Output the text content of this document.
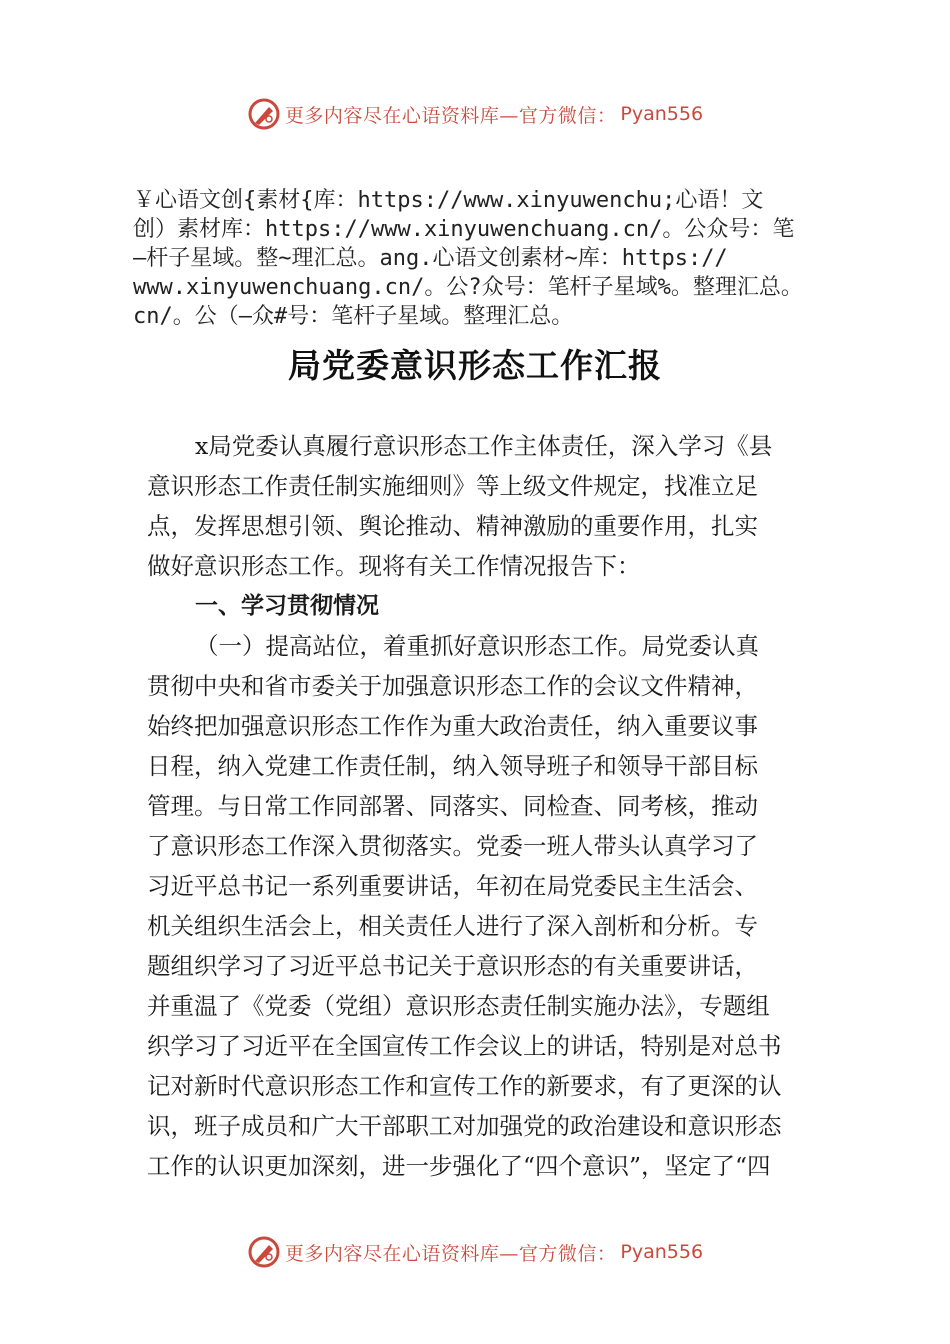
更多内容尽在心语资料库—官方微信： Pyan556
￥心语文创{素材{库：https://www.xinyuwenchu;心语！文
创）素材库：https://www.xinyuwenchuang.cn/。公众号：笔
—杆子星域。整~理汇总。ang.心语文创素材~库：https://
www.xinyuwenchuang.cn/。公?众号：笔杆子星域%。整理汇总。
cn/。公（—众#号：笔杆子星域。整理汇总。
局党委意识形态工作汇报
x局党委认真履行意识形态工作主体责任，深入学习《县
意识形态工作责任制实施细则》等上级文件规定，找准立足
点，发挥思想引领、舆论推动、精神激励的重要作用，扎实
做好意识形态工作。现将有关工作情况报告下：
一、学习贯彻情况
（一）提高站位，着重抓好意识形态工作。局党委认真
贯彻中央和省市委关于加强意识形态工作的会议文件精神，
始终把加强意识形态工作作为重大政治责任，纳入重要议事
日程，纳入党建工作责任制，纳入领导班子和领导干部目标
管理。与日常工作同部署、同落实、同检查、同考核，推动
了意识形态工作深入贯彻落实。党委一班人带头认真学习了
习近平总书记一系列重要讲话，年初在局党委民主生活会、
机关组织生活会上，相关责任人进行了深入剖析和分析。专
题组织学习了习近平总书记关于意识形态的有关重要讲话，
并重温了《党委（党组）意识形态责任制实施办法》，专题组
织学习了习近平在全国宣传工作会议上的讲话，特别是对总书
记对新时代意识形态工作和宣传工作的新要求，有了更深的认
识，班子成员和广大干部职工对加强党的政治建设和意识形态
工作的认识更加深刻，进一步强化了“四个意识”，坚定了“四
更多内容尽在心语资料库—官方微信： Pyan556
